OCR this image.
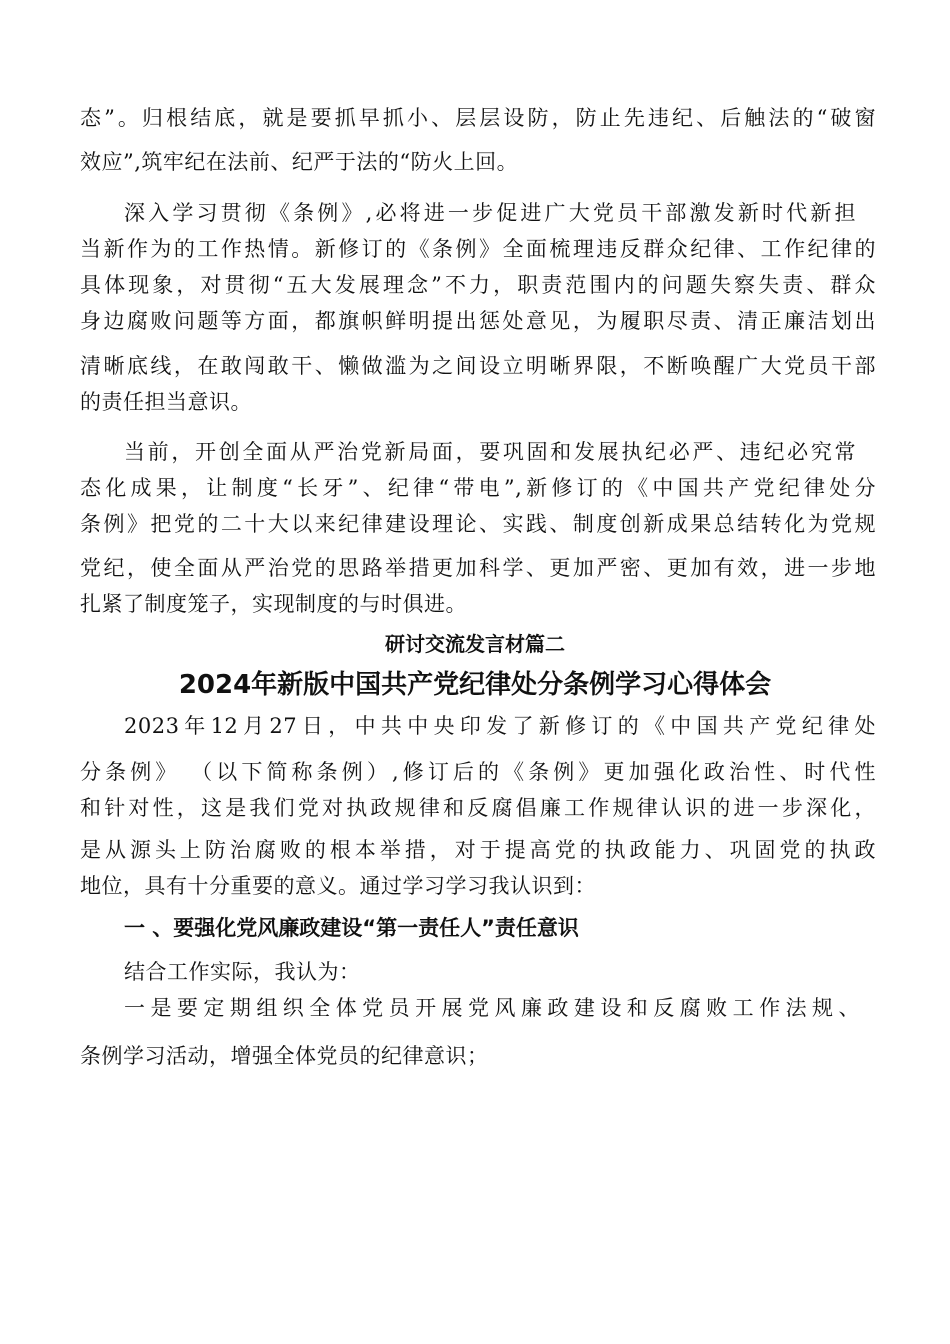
态”。归根结底，就是要抓早抓小、层层设防，防止先违纪、后触法的“破窗
效应”,筑牢纪在法前、纪严于法的“防火上回。
深入学习贯彻《条例》,必将进一步促进广大党员干部激发新时代新担
当新作为的工作热情。新修订的《条例》全面梳理违反群众纪律、工作纪律的
具体现象，对贯彻“五大发展理念”不力，职责范围内的问题失察失责、群众
身边腐败问题等方面，都旗帜鲜明提出惩处意见，为履职尽责、清正廉洁划出
清晰底线，在敢闯敢干、懒做滥为之间设立明晰界限，不断唤醒广大党员干部
的责任担当意识。
当前，开创全面从严治党新局面，要巩固和发展执纪必严、违纪必究常
态化成果，让制度“长牙”、纪律“带电”,新修订的《中国共产党纪律处分
条例》把党的二十大以来纪律建设理论、实践、制度创新成果总结转化为党规
党纪，使全面从严治党的思路举措更加科学、更加严密、更加有效，进一步地
扎紧了制度笼子，实现制度的与时俱进。
研讨交流发言材篇二
2024年新版中国共产党纪律处分条例学习心得体会
2023年12月27日，中共中央印发了新修订的《中国共产党纪律处
分条例》 （以下简称条例）,修订后的《条例》更加强化政治性、时代性
和针对性，这是我们党对执政规律和反腐倡廉工作规律认识的进一步深化，
是从源头上防治腐败的根本举措，对于提高党的执政能力、巩固党的执政
地位，具有十分重要的意义。通过学习学习我认识到：
一 、要强化党风廉政建设“第一责任人”责任意识
结合工作实际，我认为：
一是要定期组织全体党员开展党风廉政建设和反腐败工作法规、
条例学习活动，增强全体党员的纪律意识；
